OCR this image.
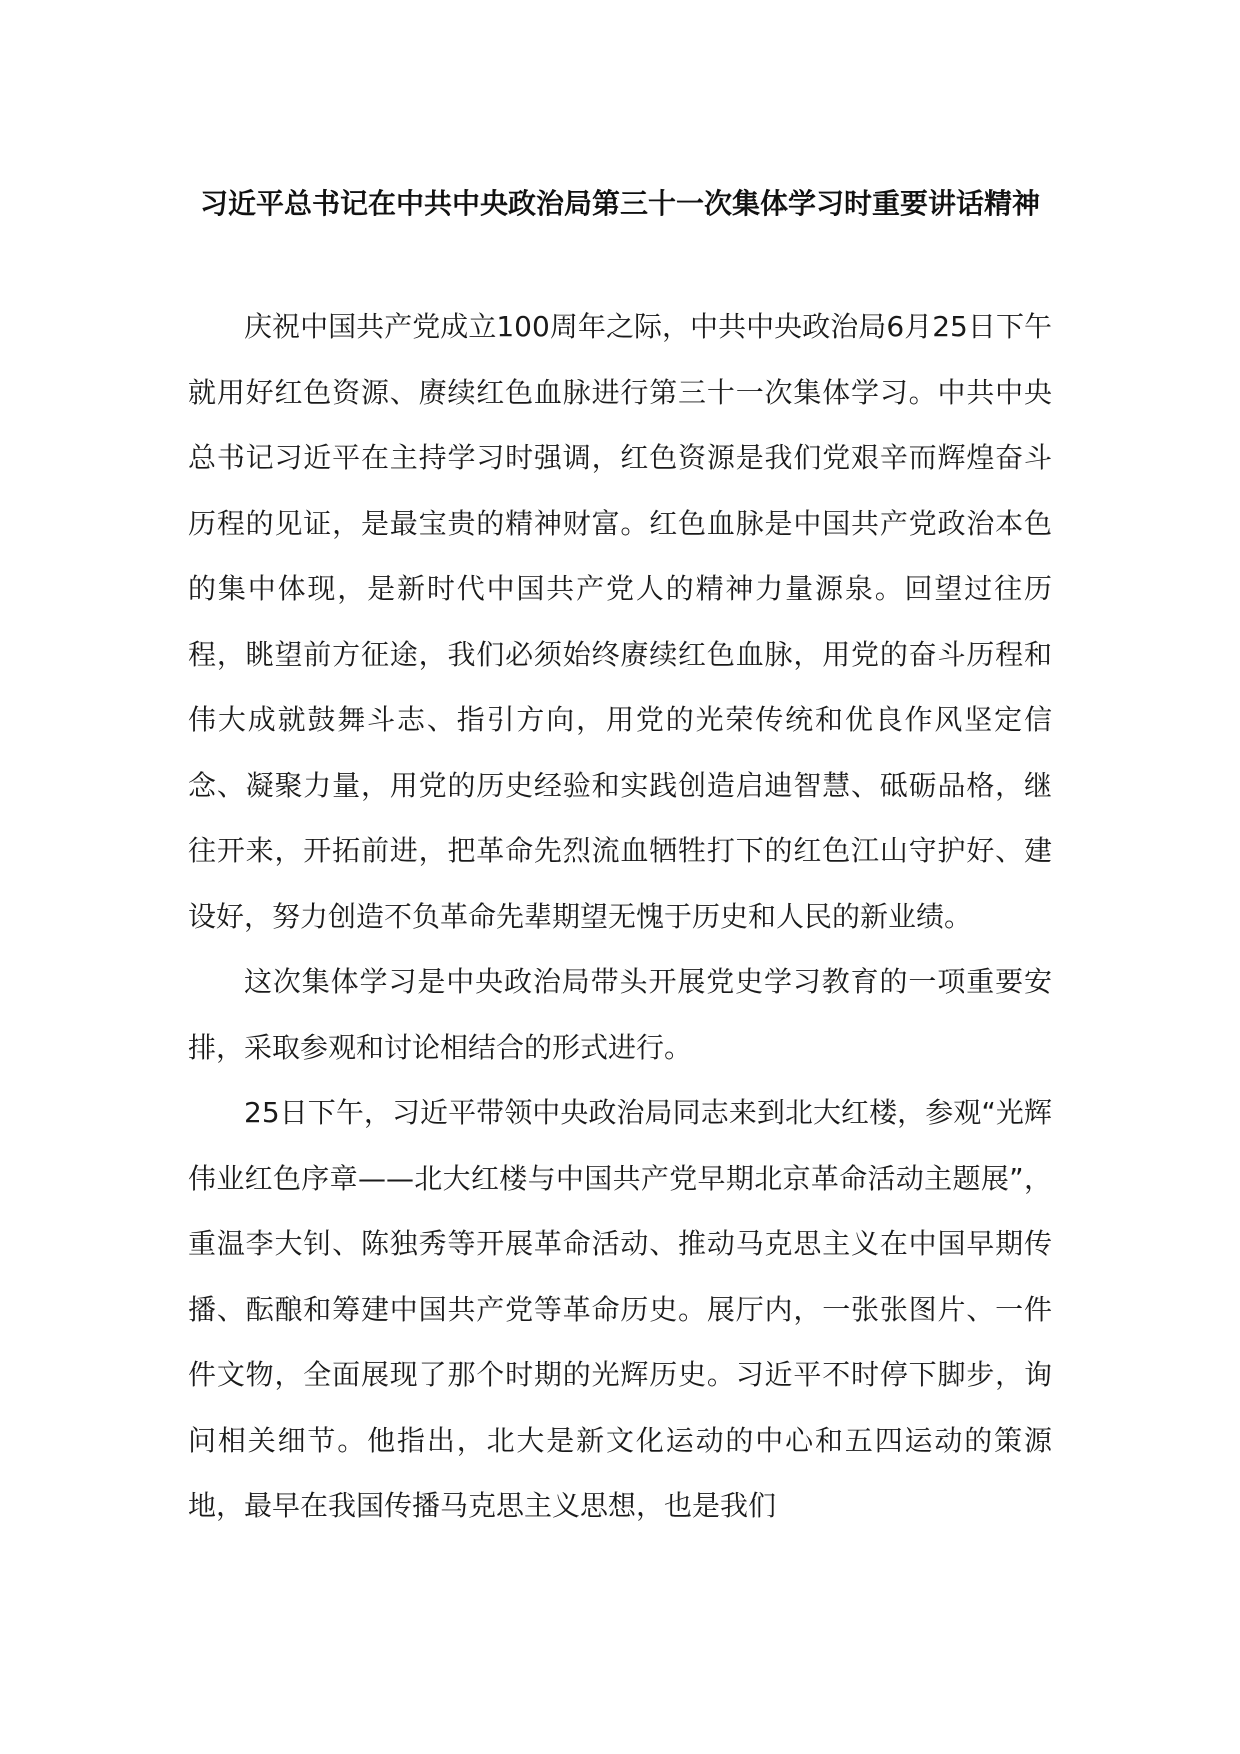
习近平总书记在中共中央政治局第三十一次集体学习时重要讲话精神

庆祝中国共产党成立100周年之际，中共中央政治局6月25日下午就用好红色资源、赓续红色血脉进行第三十一次集体学习。中共中央总书记习近平在主持学习时强调，红色资源是我们党艰辛而辉煌奋斗历程的见证，是最宝贵的精神财富。红色血脉是中国共产党政治本色的集中体现，是新时代中国共产党人的精神力量源泉。回望过往历程，眺望前方征途，我们必须始终赓续红色血脉，用党的奋斗历程和伟大成就鼓舞斗志、指引方向，用党的光荣传统和优良作风坚定信念、凝聚力量，用党的历史经验和实践创造启迪智慧、砥砺品格，继往开来，开拓前进，把革命先烈流血牺牲打下的红色江山守护好、建设好，努力创造不负革命先辈期望无愧于历史和人民的新业绩。

这次集体学习是中央政治局带头开展党史学习教育的一项重要安排，采取参观和讨论相结合的形式进行。

25日下午，习近平带领中央政治局同志来到北大红楼，参观“光辉伟业红色序章——北大红楼与中国共产党早期北京革命活动主题展”，重温李大钊、陈独秀等开展革命活动、推动马克思主义在中国早期传播、酝酿和筹建中国共产党等革命历史。展厅内，一张张图片、一件件文物，全面展现了那个时期的光辉历史。习近平不时停下脚步，询问相关细节。他指出，北大是新文化运动的中心和五四运动的策源地，最早在我国传播马克思主义思想，也是我们
